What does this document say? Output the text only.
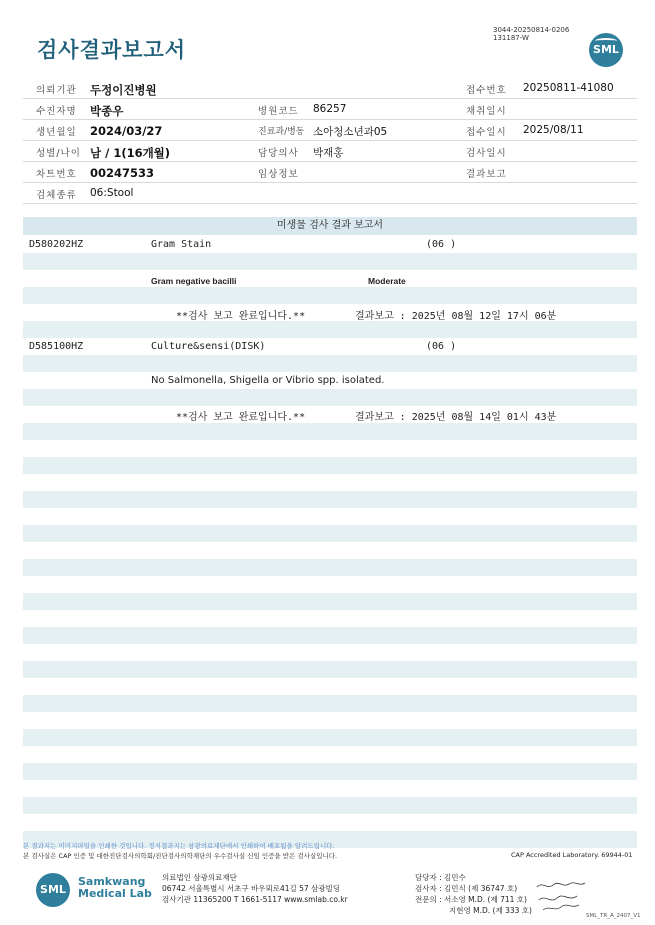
검사결과보고서
3044-20250814-0206
131187-W
SML
의뢰기관 두정이진병원	접수번호 20250811-41080
수진자명 박종우	병원코드 86257	채취일시
생년월일 2024/03/27	진료과/병동 소아청소년과05	접수일시 2025/08/11
성별/나이 남 / 1(16개월)	담당의사 박재홍	검사일시
차트번호 00247533	임상정보	결과보고
검체종류 06:Stool
미생물 검사 결과 보고서
D580202HZ	Gram Stain	(06 )
Gram negative bacilli	Moderate
**검사 보고 완료입니다.**	결과보고 : 2025년 08월 12일 17시 06분
D585100HZ	Culture&sensi(DISK)	(06 )
No Salmonella, Shigella or Vibrio spp. isolated.
**검사 보고 완료입니다.**	결과보고 : 2025년 08월 14일 01시 43분
본 결과지는 이미지파일을 인쇄한 것입니다. 정식결과지는 삼광의료재단에서 인쇄하여 배포됨을 알려드립니다.
본 검사실은 CAP 인증 및 대한진단검사의학회/진단검사의학재단의 우수검사실 신임 인증을 받은 검사실입니다.	CAP Accredited Laboratory. 69944-01
SML
Samkwang
Medical Lab
의료법인 삼광의료재단
06742 서울특별시 서초구 바우뫼로41길 57 삼광빌딩
검사기관 11365200 T 1661-5117 www.smlab.co.kr
담당자 : 김민수
검사자 : 김민식 (제 36747 호)
전문의 : 서소영 M.D. (제 711 호)
지현영 M.D. (제 333 호)
SML_TR_A_2407_V1
